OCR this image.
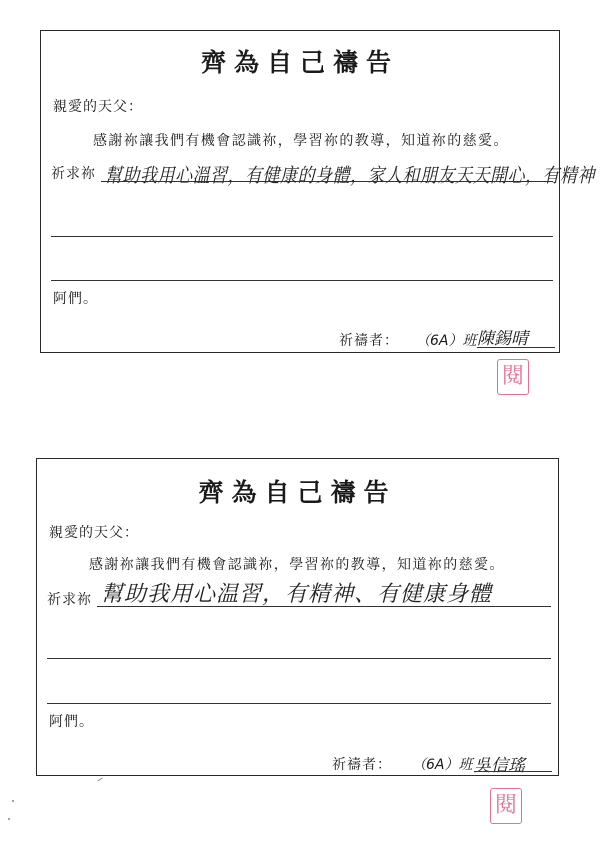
齊為自己禱告
親愛的天父：
感謝祢讓我們有機會認識祢，學習祢的教導，知道祢的慈愛。
祈求祢 幫助我用心溫習，有健康的身體，家人和朋友天天開心，有精神
阿們。
祈禱者： （6A）班 陳錫晴
閱
齊為自己禱告
親愛的天父：
感謝祢讓我們有機會認識祢，學習祢的教導，知道祢的慈愛。
祈求祢 幫助我用心温習，有精神、有健康身體
阿們。
祈禱者： （6A）班 吳信瑤
閱
